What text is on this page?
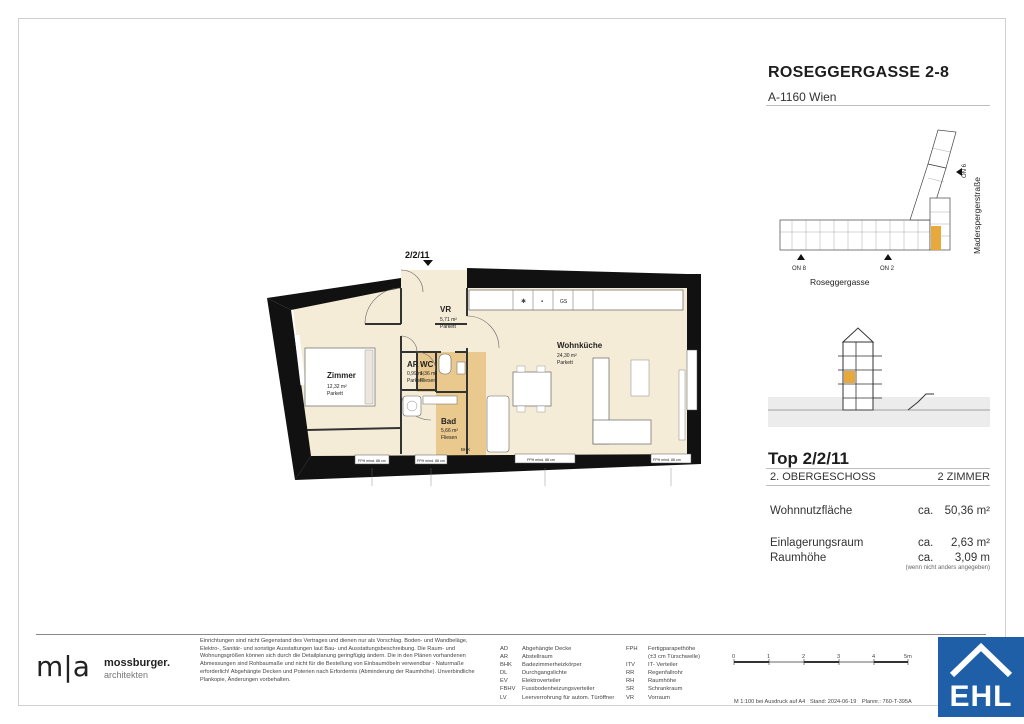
✱ ▪
2/2/11
VR
5,71 m²
Parkett
Zimmer
12,32 m²
Parkett
AR
0,99 m²
Parkett
WC
1,36 m²
Fliesen
Bad
5,66 m²
Fliesen
Wohnküche
24,30 m²
Parkett
GS
BHK
FPH mind. 88 cm	FPH mind. 88 cm	FPH mind. 88 cm	FPH mind. 88 cm
ROSEGGERGASSE 2-8
A-1160 Wien
ON 8	ON 2
ON 6
Roseggergasse
Maderspergerstraße
Top 2/2/11
2. OBERGESCHOSS	2 ZIMMER
Wohnnutzfläche	ca. 50,36 m²
Einlagerungsraum	ca.	2,63 m²
Raumhöhe	ca.	3,09 m
(wenn nicht anders angegeben)
m|a mossburger.
architekten
Einrichtungen sind nicht Gegenstand des Vertrages und dienen nur als Vorschlag. Boden- und Wandbeläge, Elektro-, Sanitär- und sonstige Ausstattungen laut Bau- und Ausstattungsbeschreibung. Die Raum- und Wohnungsgrößen können sich durch die Detailplanung geringfügig ändern. Die in den Plänen vorhandenen Abmessungen sind Rohbaumaße und nicht für die Bestellung von Einbaumöbeln verwendbar - Naturmaße erforderlich! Abgehängte Decken und Poterien nach Erfordernis (Abminderung der Raumhöhe). Unverbindliche Plankopie, Änderungen vorbehalten.
AD Abgehängte Decke
AR Abstellraum
BHK Badezimmerheizkörper
DL	Durchgangslichte
EV Elektroverteiler
FBHV Fussbodenheizungsverteiler
LV	Leerverrohrung für autom. Türöffner
FPH Fertigparapethöhe
(±3 cm Türschwelle)
ITV IT- Verteiler
RR Regenfallrohr
RH Raumhöhe
SR Schrankraum
VR Vorraum
0	1	2	3	4	5m
M 1:100 bei Ausdruck auf A4 Stand: 2024-06-19 Plannr.: 760-T-395A	EHL
